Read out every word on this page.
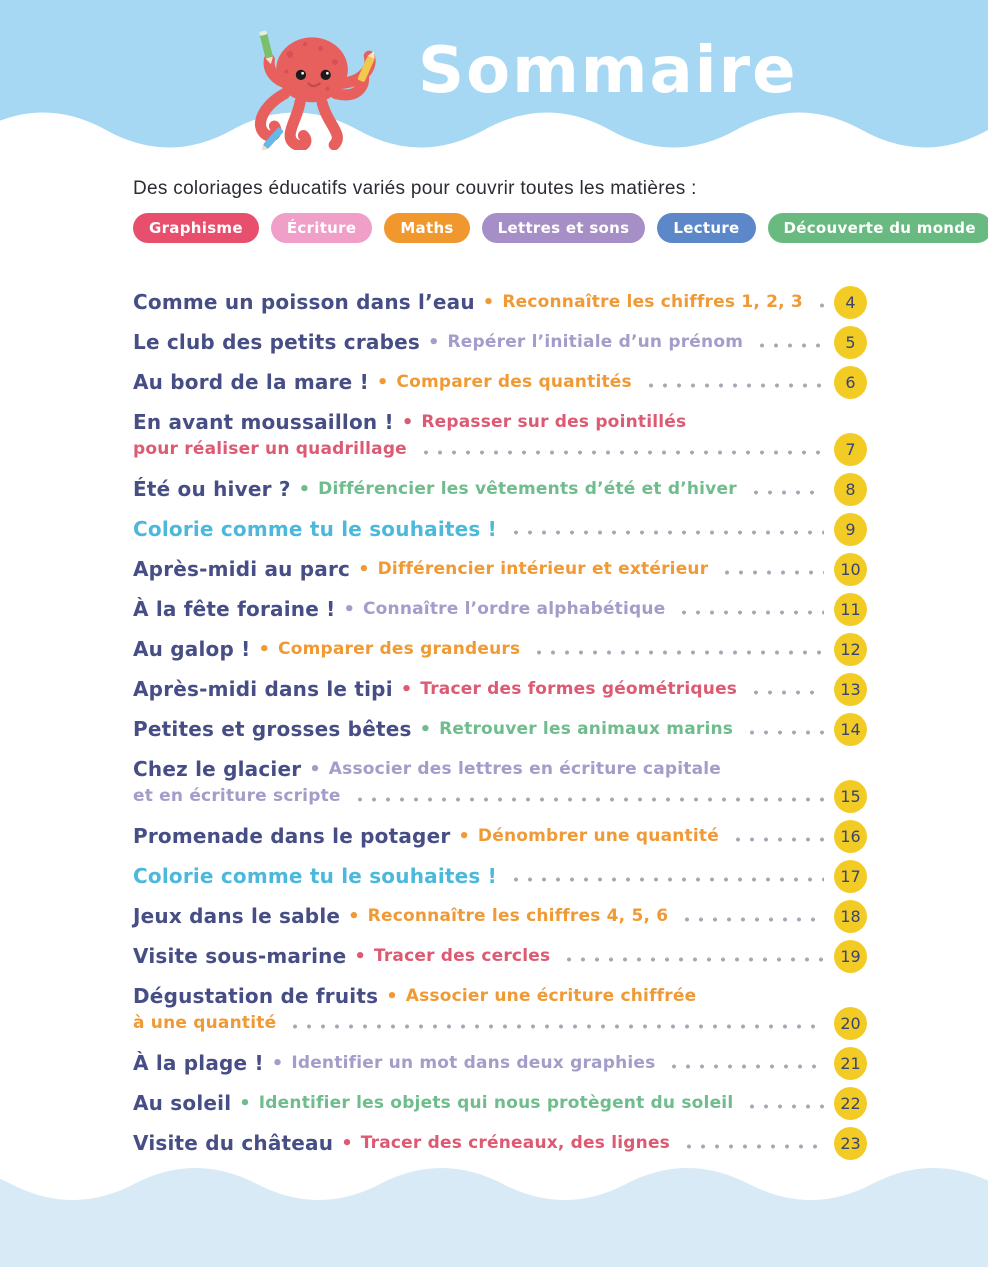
Sommaire
Des coloriages éducatifs variés pour couvrir toutes les matières :
Graphisme	Écriture	Maths	Lettres et sons	Lecture	Découverte du monde
Comme un poisson dans l’eau • Reconnaître les chiffres 1, 2, 3	4
Le club des petits crabes • Repérer l’initiale d’un prénom	5
Au bord de la mare ! • Comparer des quantités	6
En avant moussaillon ! • Repasser sur des pointillés
pour réaliser un quadrillage	7
Été ou hiver ? • Différencier les vêtements d’été et d’hiver	8
Colorie comme tu le souhaites !	9
Après-midi au parc • Différencier intérieur et extérieur	10
À la fête foraine ! • Connaître l’ordre alphabétique	11
Au galop ! • Comparer des grandeurs	12
Après-midi dans le tipi • Tracer des formes géométriques	13
Petites et grosses bêtes • Retrouver les animaux marins	14
Chez le glacier • Associer des lettres en écriture capitale
et en écriture scripte	15
Promenade dans le potager • Dénombrer une quantité	16
Colorie comme tu le souhaites !	17
Jeux dans le sable • Reconnaître les chiffres 4, 5, 6	18
Visite sous-marine • Tracer des cercles	19
Dégustation de fruits • Associer une écriture chiffrée
à une quantité	20
À la plage ! • Identifier un mot dans deux graphies	21
Au soleil • Identifier les objets qui nous protègent du soleil	22
Visite du château • Tracer des créneaux, des lignes	23
